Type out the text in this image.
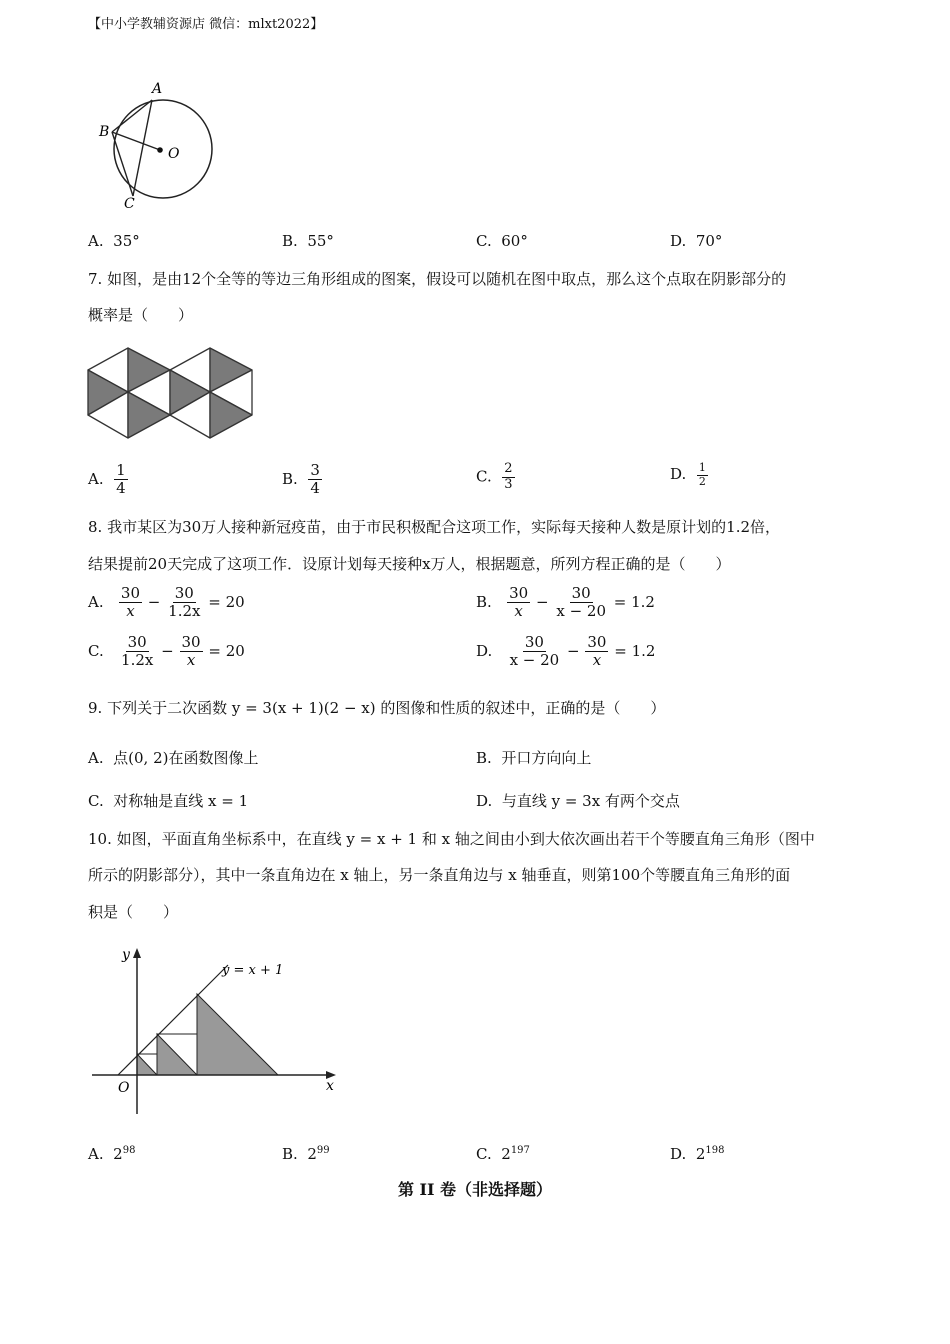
【中小学教辅资源店 微信：mlxt2022】
A
B
O
C
A. 35°	B. 55°	C. 60°	D. 70°
7. 如图，是由12个全等的等边三角形组成的图案，假设可以随机在图中取点，那么这个点取在阴影部分的
概率是（　　）
A. $\frac{1}{4}$	B. $\frac{3}{4}$	C. $\frac{2}{3}$	D. $\frac{1}{2}$
8. 我市某区为30万人接种新冠疫苗，由于市民积极配合这项工作，实际每天接种人数是原计划的1.2倍，
结果提前20天完成了这项工作．设原计划每天接种x万人，根据题意，所列方程正确的是（　　）
A. $\frac{30}{x} - \frac{30}{1.2x} = 20$	B. $\frac{30}{x} - \frac{30}{x - 20} = 1.2$
C. $\frac{30}{1.2x} - \frac{30}{x} = 20$	D. $\frac{30}{x - 20} - \frac{30}{x} = 1.2$
9. 下列关于二次函数 y = 3(x + 1)(2 − x) 的图像和性质的叙述中，正确的是（　　）
A. 点(0, 2)在函数图像上	B. 开口方向向上
C. 对称轴是直线 x = 1	D. 与直线 y = 3x 有两个交点
10. 如图，平面直角坐标系中，在直线 y = x + 1 和 x 轴之间由小到大依次画出若干个等腰直角三角形（图中
所示的阴影部分），其中一条直角边在 x 轴上，另一条直角边与 x 轴垂直，则第100个等腰直角三角形的面
积是（　　）
y
x
O
y = x + 1
A. $2^{98}$	B. $2^{99}$	C. $2^{197}$	D. $2^{198}$
第 II 卷（非选择题）
